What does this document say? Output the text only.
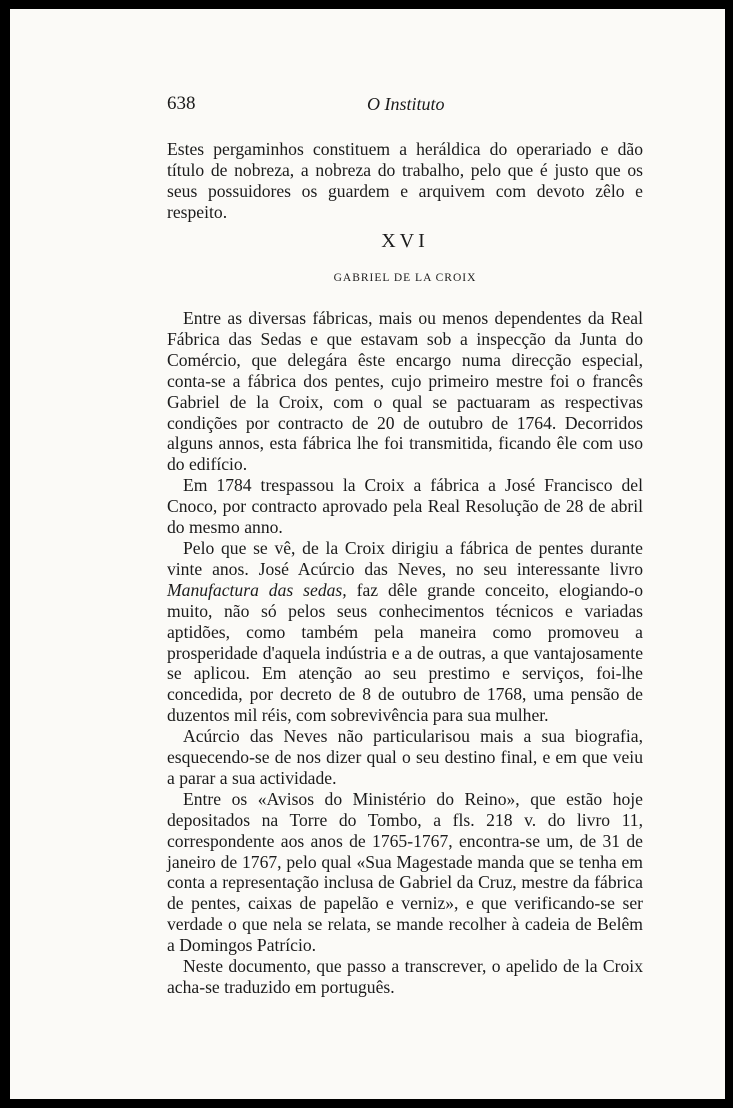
638	O Instituto

Estes pergaminhos constituem a heráldica do operariado e dão título de nobreza, a nobreza do trabalho, pelo que é justo que os seus possuidores os guardem e arquivem com devoto zêlo e respeito.

XVI
GABRIEL DE LA CROIX

Entre as diversas fábricas, mais ou menos dependentes da Real Fábrica das Sedas e que estavam sob a inspecção da Junta do Comércio, que delegára êste encargo numa direcção especial, conta-se a fábrica dos pentes, cujo primeiro mestre foi o francês Gabriel de la Croix, com o qual se pactuaram as respectivas condições por contracto de 20 de outubro de 1764. Decorridos alguns annos, esta fábrica lhe foi transmitida, ficando êle com uso do edifício.

Em 1784 trespassou la Croix a fábrica a José Francisco del Cnoco, por contracto aprovado pela Real Resolução de 28 de abril do mesmo anno.

Pelo que se vê, de la Croix dirigiu a fábrica de pentes durante vinte anos. José Acúrcio das Neves, no seu interessante livro Manufactura das sedas, faz dêle grande conceito, elogiando-o muito, não só pelos seus conhecimentos técnicos e variadas aptidões, como também pela maneira como promoveu a prosperidade d'aquela indústria e a de outras, a que vantajosamente se aplicou. Em atenção ao seu prestimo e serviços, foi-lhe concedida, por decreto de 8 de outubro de 1768, uma pensão de duzentos mil réis, com sobrevivência para sua mulher.

Acúrcio das Neves não particularisou mais a sua biografia, esquecendo-se de nos dizer qual o seu destino final, e em que veiu a parar a sua actividade.

Entre os «Avisos do Ministério do Reino», que estão hoje depositados na Torre do Tombo, a fls. 218 v. do livro 11, correspondente aos anos de 1765-1767, encontra-se um, de 31 de janeiro de 1767, pelo qual «Sua Magestade manda que se tenha em conta a representação inclusa de Gabriel da Cruz, mestre da fábrica de pentes, caixas de papelão e verniz», e que verificando-se ser verdade o que nela se relata, se mande recolher à cadeia de Belêm a Domingos Patrício.

Neste documento, que passo a transcrever, o apelido de la Croix acha-se traduzido em português.
